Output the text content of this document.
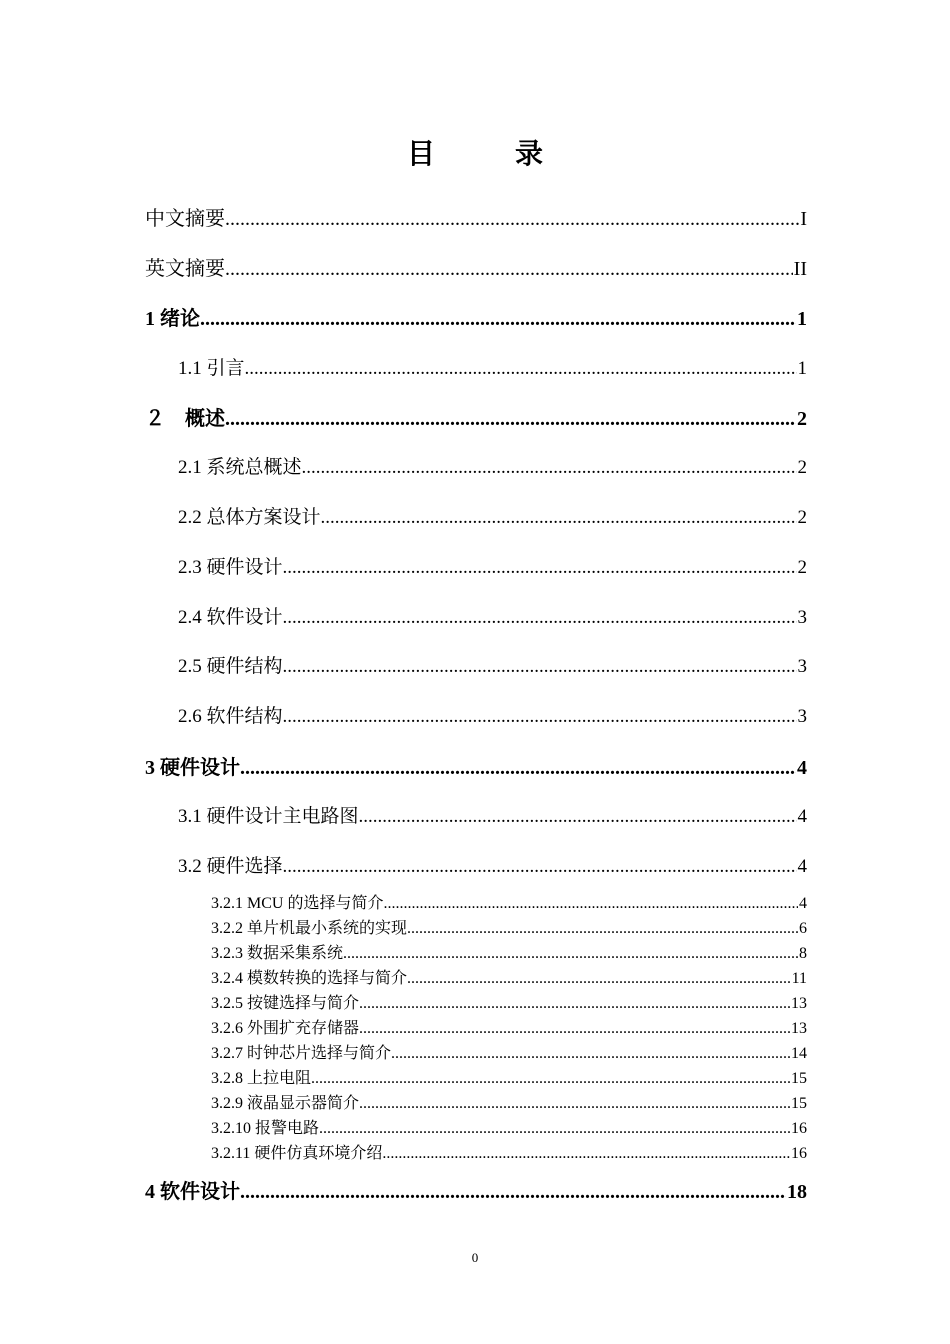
目　录
中文摘要 .....	I
英文摘要 .....	II
1 绪论 .....	1
1.1 引言 .....	1
２　概述 .....	2
2.1 系统总概述 .....	2
2.2 总体方案设计 .....	2
2.3 硬件设计 .....	2
2.4 软件设计 .....	3
2.5 硬件结构 .....	3
2.6 软件结构 .....	3
3 硬件设计 .....	4
3.1 硬件设计主电路图 .....	4
3.2 硬件选择 .....	4
3.2.1 MCU 的选择与简介 .....	4
3.2.2 单片机最小系统的实现 .....	6
3.2.3 数据采集系统 .....	8
3.2.4 模数转换的选择与简介 .....	11
3.2.5 按键选择与简介 .....	13
3.2.6 外围扩充存储器 .....	13
3.2.7 时钟芯片选择与简介 .....	14
3.2.8 上拉电阻 .....	15
3.2.9 液晶显示器简介 .....	15
3.2.10 报警电路 .....	16
3.2.11 硬件仿真环境介绍 .....	16
4 软件设计 .....	18
0
